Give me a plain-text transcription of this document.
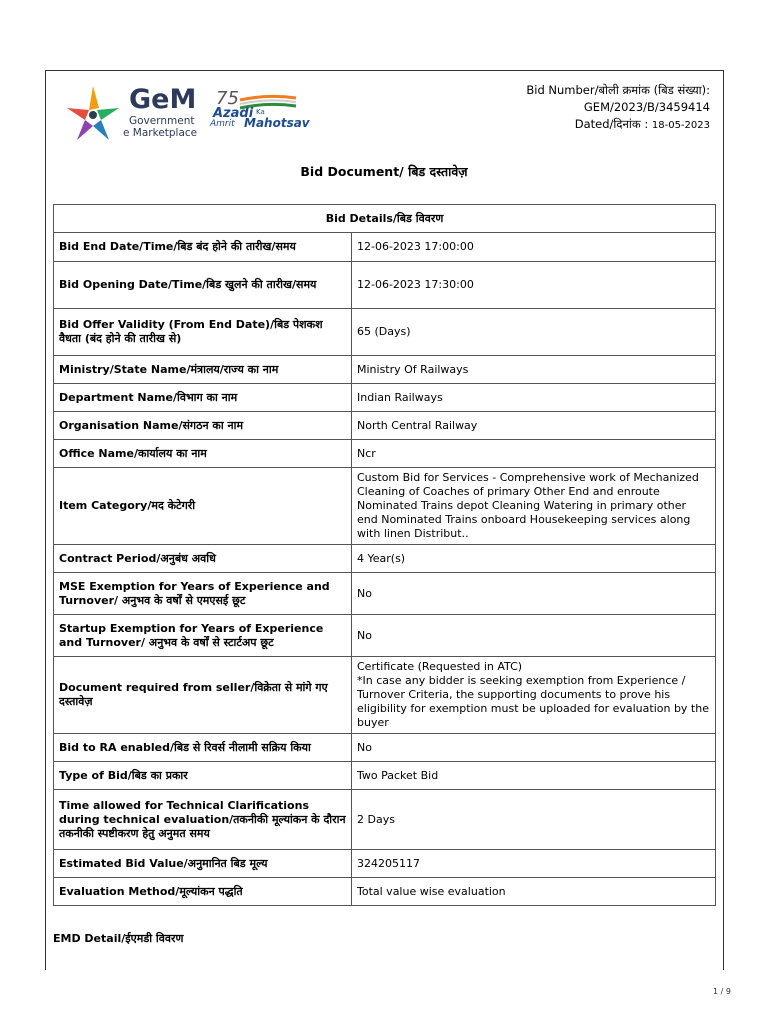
GeM
Government
e Marketplace
75
Azadi Ka
Amrit Mahotsav
Bid Number/बोली क्रमांक (बिड संख्या):
GEM/2023/B/3459414
Dated/दिनांक : 18-05-2023
Bid Document/ बिड दस्तावेज़
Bid Details/बिड विवरण	
Bid End Date/Time/बिड बंद होने की तारीख/समय	12-06-2023 17:00:00
Bid Opening Date/Time/बिड खुलने की तारीख/समय	12-06-2023 17:30:00
Bid Offer Validity (From End Date)/बिड पेशकश वैधता (बंद होने की तारीख से)	65 (Days)
Ministry/State Name/मंत्रालय/राज्य का नाम	Ministry Of Railways
Department Name/विभाग का नाम	Indian Railways
Organisation Name/संगठन का नाम	North Central Railway
Office Name/कार्यालय का नाम	Ncr
Item Category/मद केटेगरी	Custom Bid for Services - Comprehensive work of Mechanized Cleaning of Coaches of primary Other End and enroute Nominated Trains depot Cleaning Watering in primary other end Nominated Trains onboard Housekeeping services along with linen Distribut..
Contract Period/अनुबंध अवधि	4 Year(s)
MSE Exemption for Years of Experience and Turnover/ अनुभव के वर्षों से एमएसई छूट	No
Startup Exemption for Years of Experience and Turnover/ अनुभव के वर्षों से स्टार्टअप छूट	No
Document required from seller/विक्रेता से मांगे गए दस्तावेज़	Certificate (Requested in ATC)
*In case any bidder is seeking exemption from Experience / Turnover Criteria, the supporting documents to prove his eligibility for exemption must be uploaded for evaluation by the buyer
Bid to RA enabled/बिड से रिवर्स नीलामी सक्रिय किया	No
Type of Bid/बिड का प्रकार	Two Packet Bid
Time allowed for Technical Clarifications during technical evaluation/तकनीकी मूल्यांकन के दौरान तकनीकी स्पष्टीकरण हेतु अनुमत समय	2 Days
Estimated Bid Value/अनुमानित बिड मूल्य	324205117
Evaluation Method/मूल्यांकन पद्धति	Total value wise evaluation
EMD Detail/ईएमडी विवरण
1 / 9
